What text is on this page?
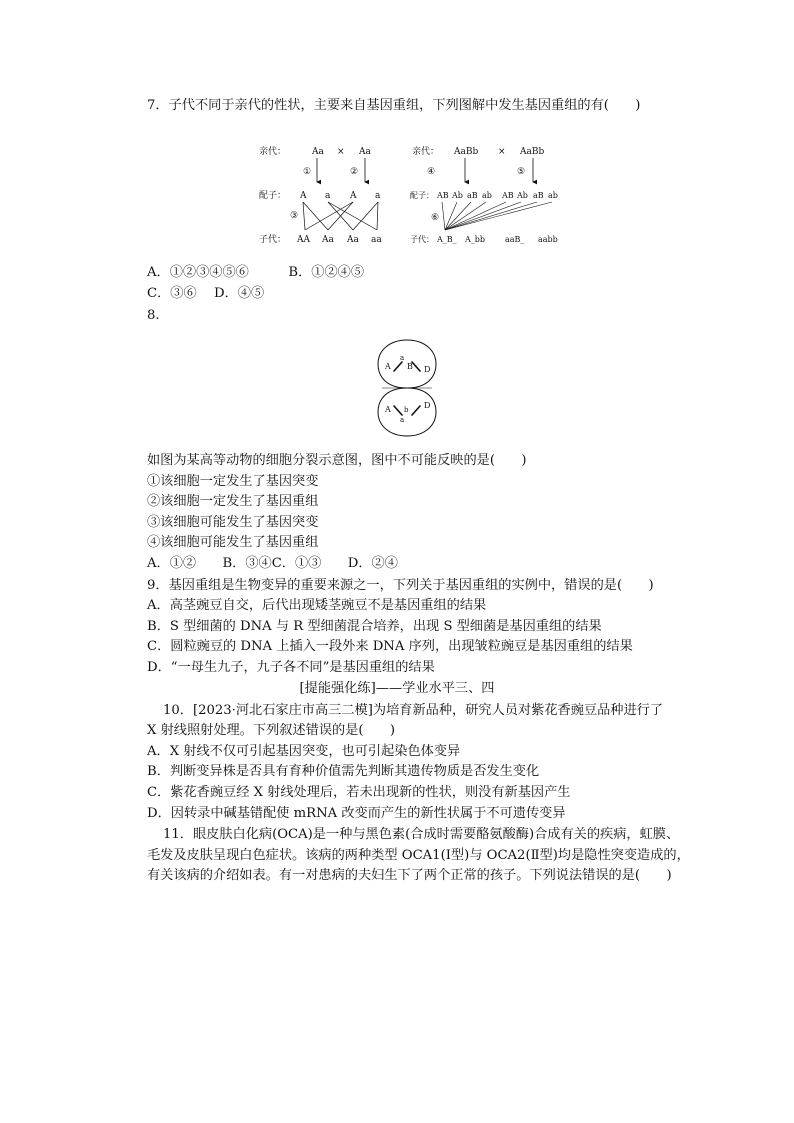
7．子代不同于亲代的性状，主要来自基因重组，下列图解中发生基因重组的有(　　)
亲代：	Aa × Aa
①	②
配子： A a A a
③
子代： AA Aa Aa aa
亲代： AaBb × AaBb
④	⑤
配子： AB Ab aB ab AB Ab aB ab
⑥
子代： A_B_ A_bb aaB_ aabb
A．①②③④⑤⑥　　　B．①②④⑤
C．③⑥　 D．④⑤
8.
A
a
B D
A b
a
D
如图为某高等动物的细胞分裂示意图，图中不可能反映的是(　　)
①该细胞一定发生了基因突变
②该细胞一定发生了基因重组
③该细胞可能发生了基因突变
④该细胞可能发生了基因重组
A．①②　　B．③④C．①③　　D．②④
9．基因重组是生物变异的重要来源之一，下列关于基因重组的实例中，错误的是(　　)
A．高茎豌豆自交，后代出现矮茎豌豆不是基因重组的结果
B．S 型细菌的 DNA 与 R 型细菌混合培养，出现 S 型细菌是基因重组的结果
C．圆粒豌豆的 DNA 上插入一段外来 DNA 序列，出现皱粒豌豆是基因重组的结果
D．“一母生九子，九子各不同”是基因重组的结果
[提能强化练]——学业水平三、四
10．[2023·河北石家庄市高三二模]为培育新品种，研究人员对紫花香豌豆品种进行了
X 射线照射处理。下列叙述错误的是(　　)
A．X 射线不仅可引起基因突变，也可引起染色体变异
B．判断变异株是否具有育种价值需先判断其遗传物质是否发生变化
C．紫花香豌豆经 X 射线处理后，若未出现新的性状，则没有新基因产生
D．因转录中碱基错配使 mRNA 改变而产生的新性状属于不可遗传变异
11．眼皮肤白化病(OCA)是一种与黑色素(合成时需要酪氨酸酶)合成有关的疾病，虹膜、
毛发及皮肤呈现白色症状。该病的两种类型 OCA1(Ⅰ型)与 OCA2(Ⅱ型)均是隐性突变造成的，
有关该病的介绍如表。有一对患病的夫妇生下了两个正常的孩子。下列说法错误的是(　　)
